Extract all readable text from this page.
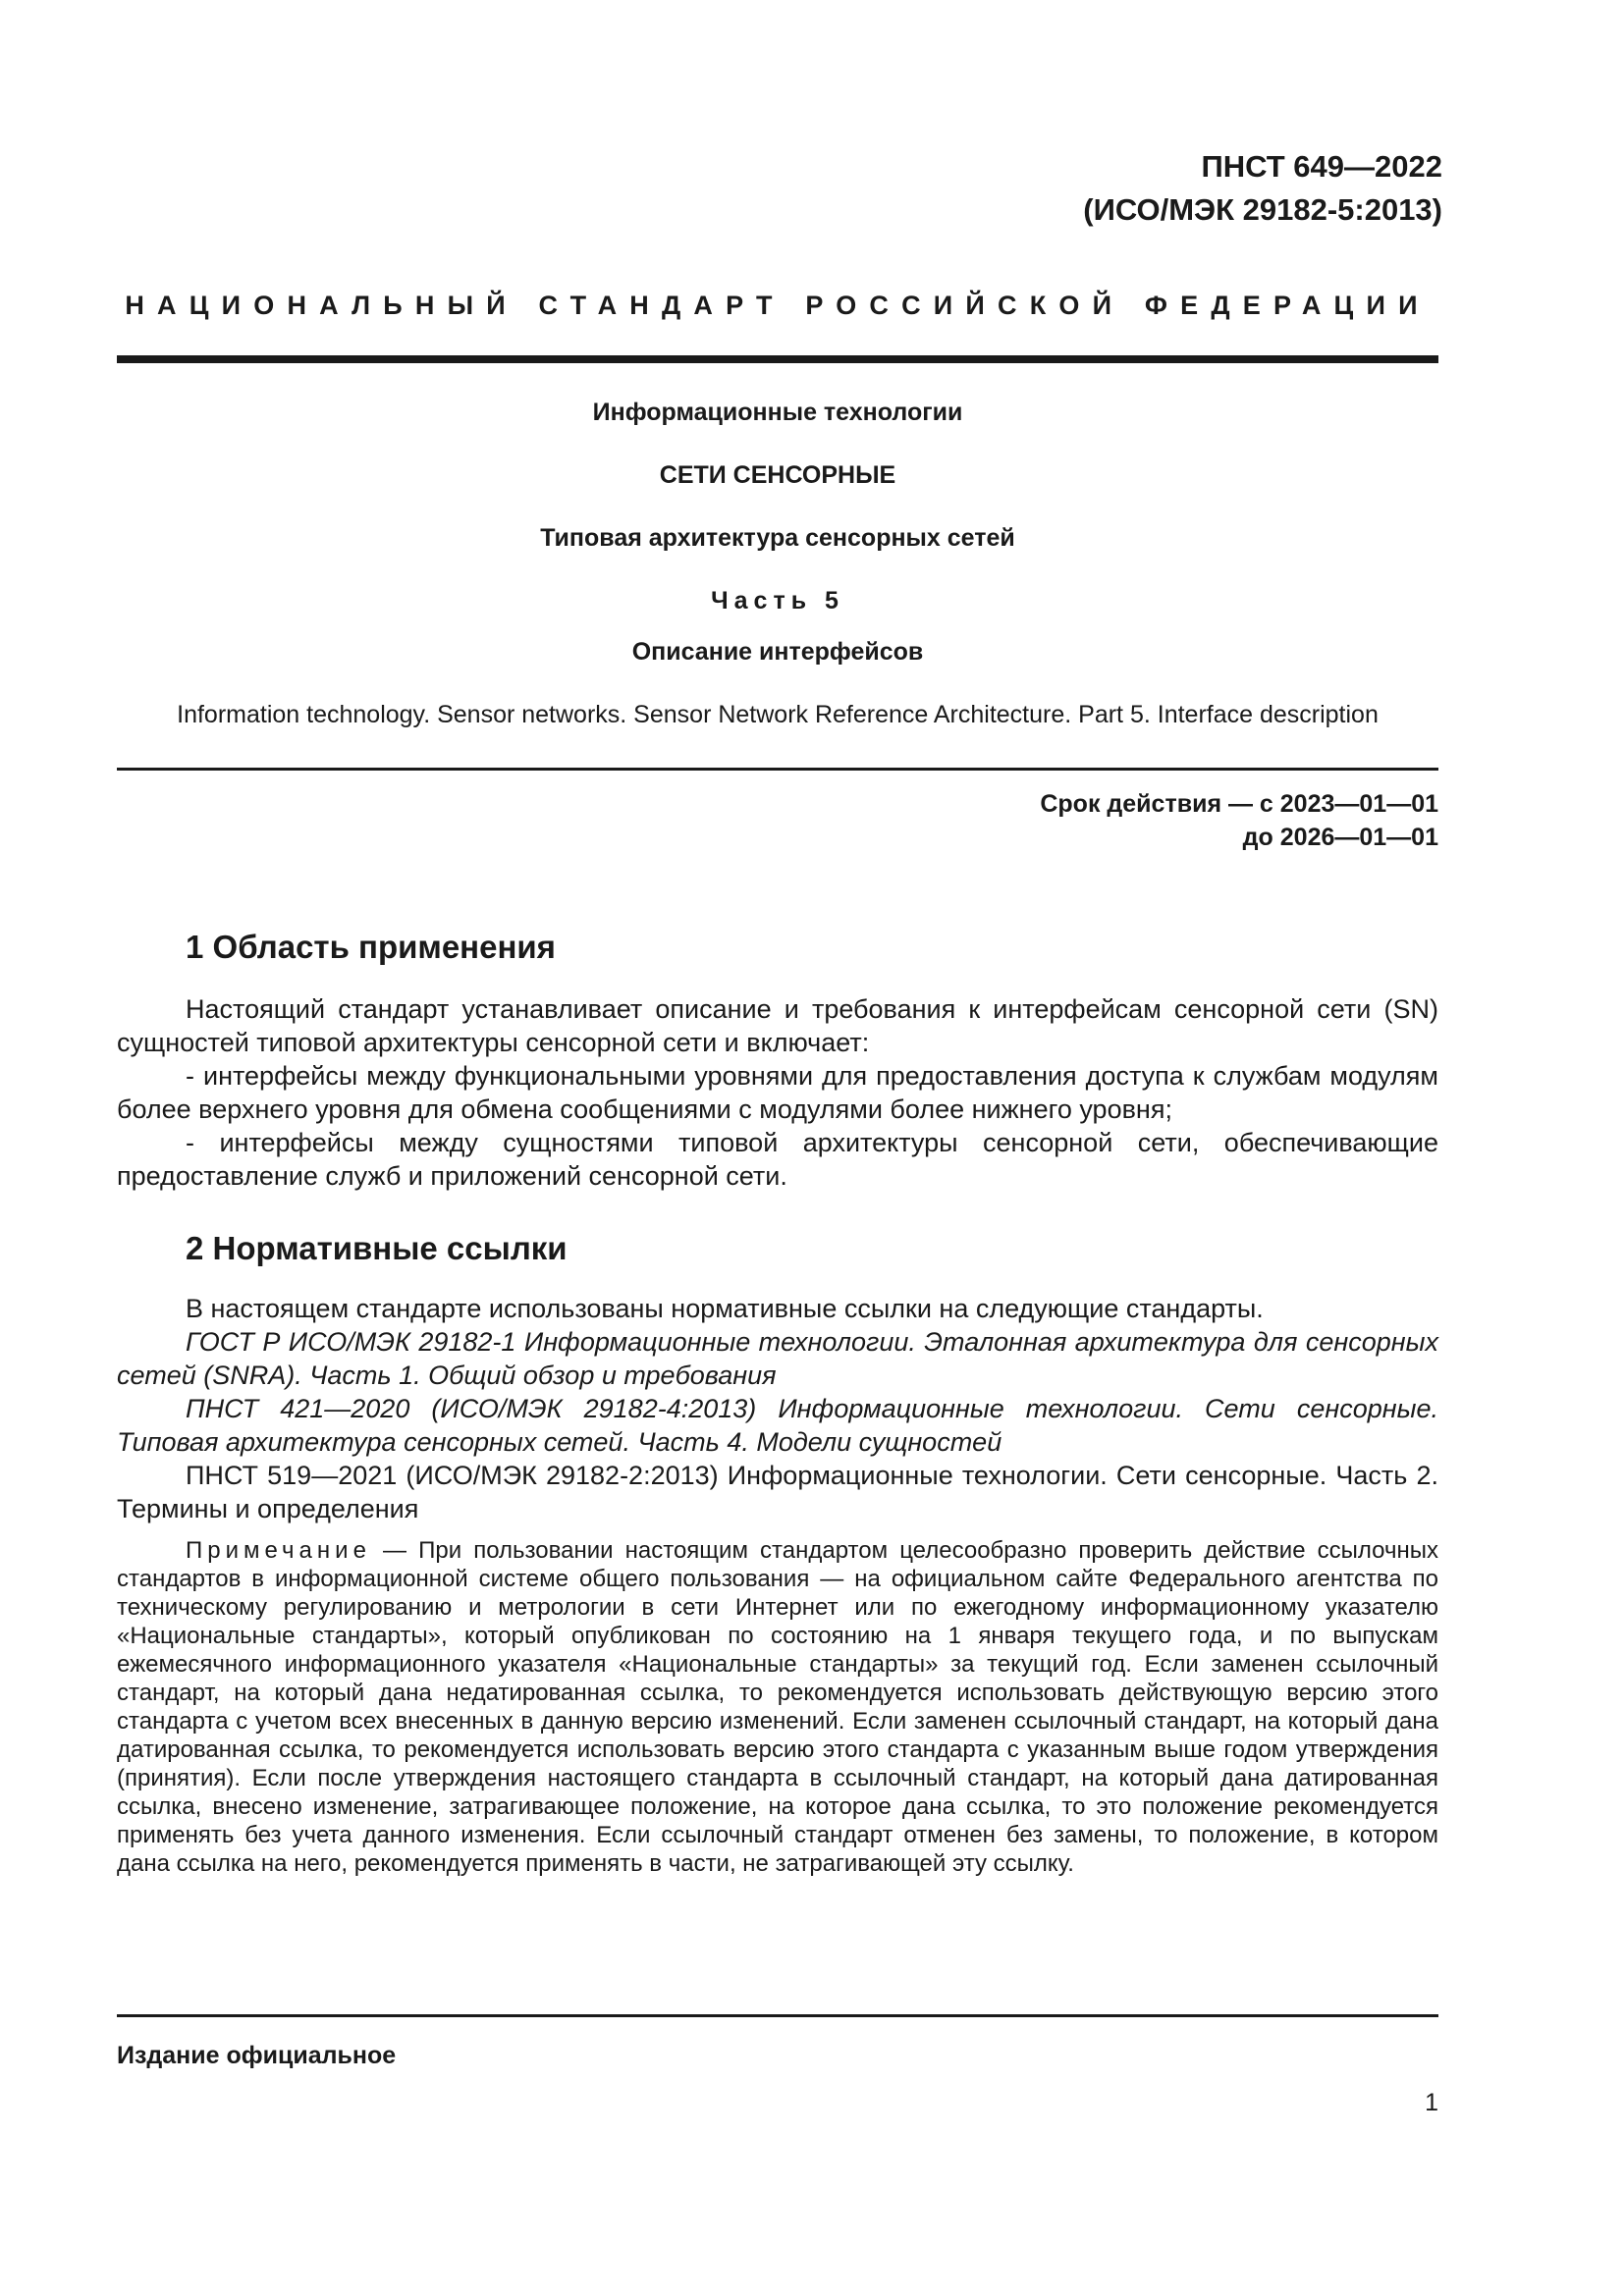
ПНСТ 649—2022
(ИСО/МЭК 29182-5:2013)
НАЦИОНАЛЬНЫЙ СТАНДАРТ РОССИЙСКОЙ ФЕДЕРАЦИИ
Информационные технологии
СЕТИ СЕНСОРНЫЕ
Типовая архитектура сенсорных сетей
Часть 5
Описание интерфейсов
Information technology. Sensor networks. Sensor Network Reference Architecture. Part 5. Interface description
Срок действия — с 2023—01—01
до 2026—01—01
1 Область применения

Настоящий стандарт устанавливает описание и требования к интерфейсам сенсорной сети (SN) сущностей типовой архитектуры сенсорной сети и включает:

- интерфейсы между функциональными уровнями для предоставления доступа к службам модулям более верхнего уровня для обмена сообщениями с модулями более нижнего уровня;

- интерфейсы между сущностями типовой архитектуры сенсорной сети, обеспечивающие предоставление служб и приложений сенсорной сети.

2 Нормативные ссылки

В настоящем стандарте использованы нормативные ссылки на следующие стандарты.

ГОСТ Р ИСО/МЭК 29182-1 Информационные технологии. Эталонная архитектура для сенсорных сетей (SNRA). Часть 1. Общий обзор и требования

ПНСТ 421—2020 (ИСО/МЭК 29182-4:2013) Информационные технологии. Сети сенсорные. Типовая архитектура сенсорных сетей. Часть 4. Модели сущностей

ПНСТ 519—2021 (ИСО/МЭК 29182-2:2013) Информационные технологии. Сети сенсорные. Часть 2. Термины и определения

Примечание — При пользовании настоящим стандартом целесообразно проверить действие ссылочных стандартов в информационной системе общего пользования — на официальном сайте Федерального агентства по техническому регулированию и метрологии в сети Интернет или по ежегодному информационному указателю «Национальные стандарты», который опубликован по состоянию на 1 января текущего года, и по выпускам ежемесячного информационного указателя «Национальные стандарты» за текущий год. Если заменен ссылочный стандарт, на который дана недатированная ссылка, то рекомендуется использовать действующую версию этого стандарта с учетом всех внесенных в данную версию изменений. Если заменен ссылочный стандарт, на который дана датированная ссылка, то рекомендуется использовать версию этого стандарта с указанным выше годом утверждения (принятия). Если после утверждения настоящего стандарта в ссылочный стандарт, на который дана датированная ссылка, внесено изменение, затрагивающее положение, на которое дана ссылка, то это положение рекомендуется применять без учета данного изменения. Если ссылочный стандарт отменен без замены, то положение, в котором дана ссылка на него, рекомендуется применять в части, не затрагивающей эту ссылку.

Издание официальное
1
